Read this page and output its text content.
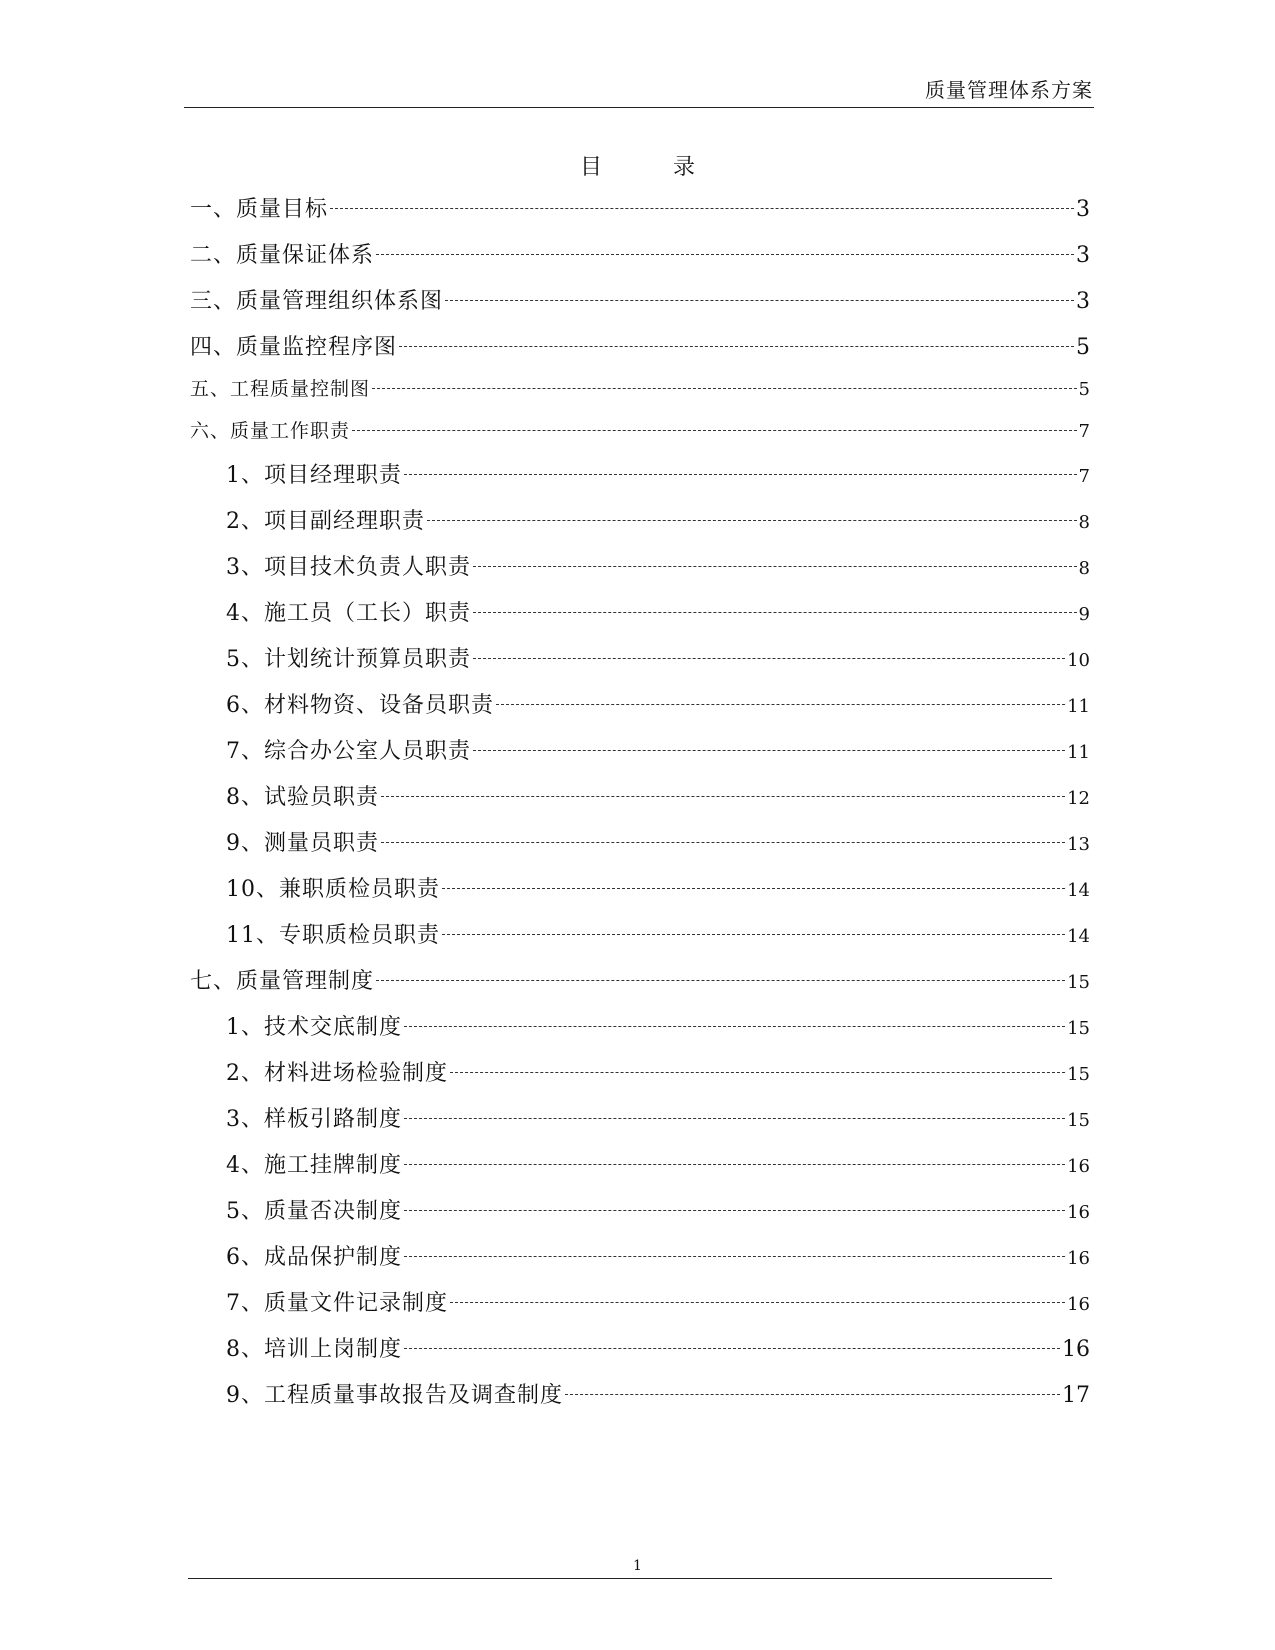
质量管理体系方案
目 录
一、质量目标	3
二、质量保证体系	3
三、质量管理组织体系图	3
四、质量监控程序图	5
五、工程质量控制图	5
六、质量工作职责	7
1、项目经理职责	7
2、项目副经理职责	8
3、项目技术负责人职责	8
4、施工员（工长）职责	9
5、计划统计预算员职责	10
6、材料物资、设备员职责	11
7、综合办公室人员职责	11
8、试验员职责	12
9、测量员职责	13
10、兼职质检员职责	14
11、专职质检员职责	14
七、质量管理制度	15
1、技术交底制度	15
2、材料进场检验制度	15
3、样板引路制度	15
4、施工挂牌制度	16
5、质量否决制度	16
6、成品保护制度	16
7、质量文件记录制度	16
8、培训上岗制度	16
9、工程质量事故报告及调查制度	17
1
